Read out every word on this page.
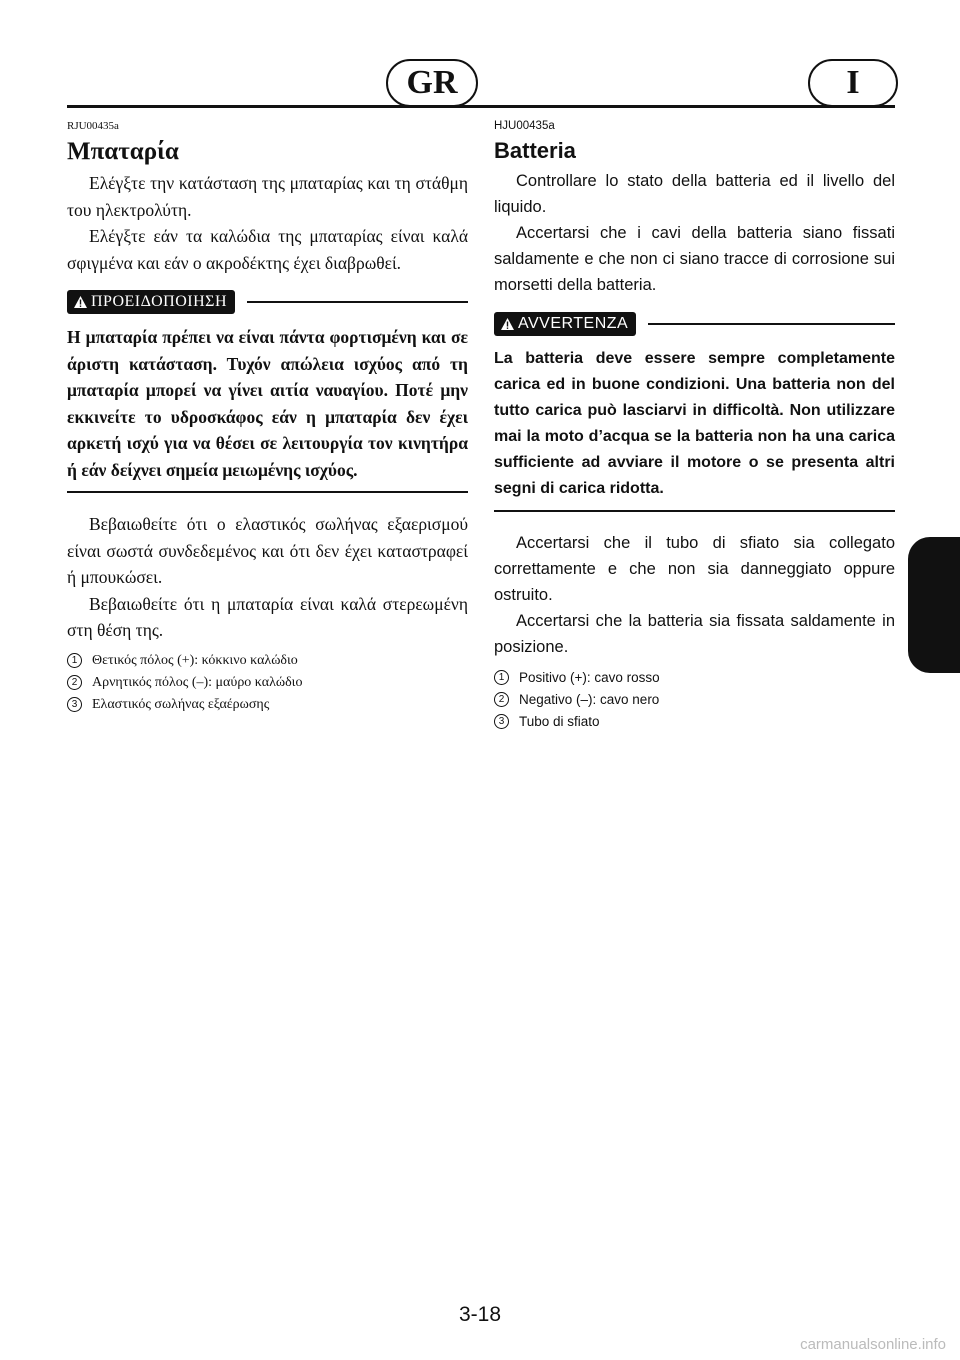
GR	I
RJU00435a
Μπαταρία

Ελέγξτε την κατάσταση της μπαταρίας και τη στάθμη του ηλεκτρολύτη.

Ελέγξτε εάν τα καλώδια της μπαταρίας είναι καλά σφιγμένα και εάν ο ακροδέκτης έχει διαβρωθεί.

ΠΡΟΕΙΔΟΠΟΙΗΣΗ

Η μπαταρία πρέπει να είναι πάντα φορτισμένη και σε άριστη κατάσταση. Τυχόν απώλεια ισχύος από τη μπαταρία μπορεί να γίνει αιτία ναυαγίου. Ποτέ μην εκκινείτε το υδροσκάφος εάν η μπαταρία δεν έχει αρκετή ισχύ για να θέσει σε λειτουργία τον κινητήρα ή εάν δείχνει σημεία μειωμένης ισχύος.

Βεβαιωθείτε ότι ο ελαστικός σωλήνας εξαερισμού είναι σωστά συνδεδεμένος και ότι δεν έχει καταστραφεί ή μπουκώσει.

Βεβαιωθείτε ότι η μπαταρία είναι καλά στερεωμένη στη θέση της.

1	Θετικός πόλος (+): κόκκινο καλώδιο
2	Αρνητικός πόλος (–): μαύρο καλώδιο
3	Ελαστικός σωλήνας εξαέρωσης
HJU00435a
Batteria

Controllare lo stato della batteria ed il livello del liquido.

Accertarsi che i cavi della batteria siano fissati saldamente e che non ci siano tracce di corrosione sui morsetti della batteria.

AVVERTENZA

La batteria deve essere sempre completamente carica ed in buone condizioni. Una batteria non del tutto carica può lasciarvi in difficoltà. Non utilizzare mai la moto d’acqua se la batteria non ha una carica sufficiente ad avviare il motore o se presenta altri segni di carica ridotta.

Accertarsi che il tubo di sfiato sia collegato correttamente e che non sia danneggiato oppure ostruito.

Accertarsi che la batteria sia fissata saldamente in posizione.

1	Positivo (+): cavo rosso
2	Negativo (–): cavo nero
3	Tubo di sfiato
3-18
carmanualsonline.info
